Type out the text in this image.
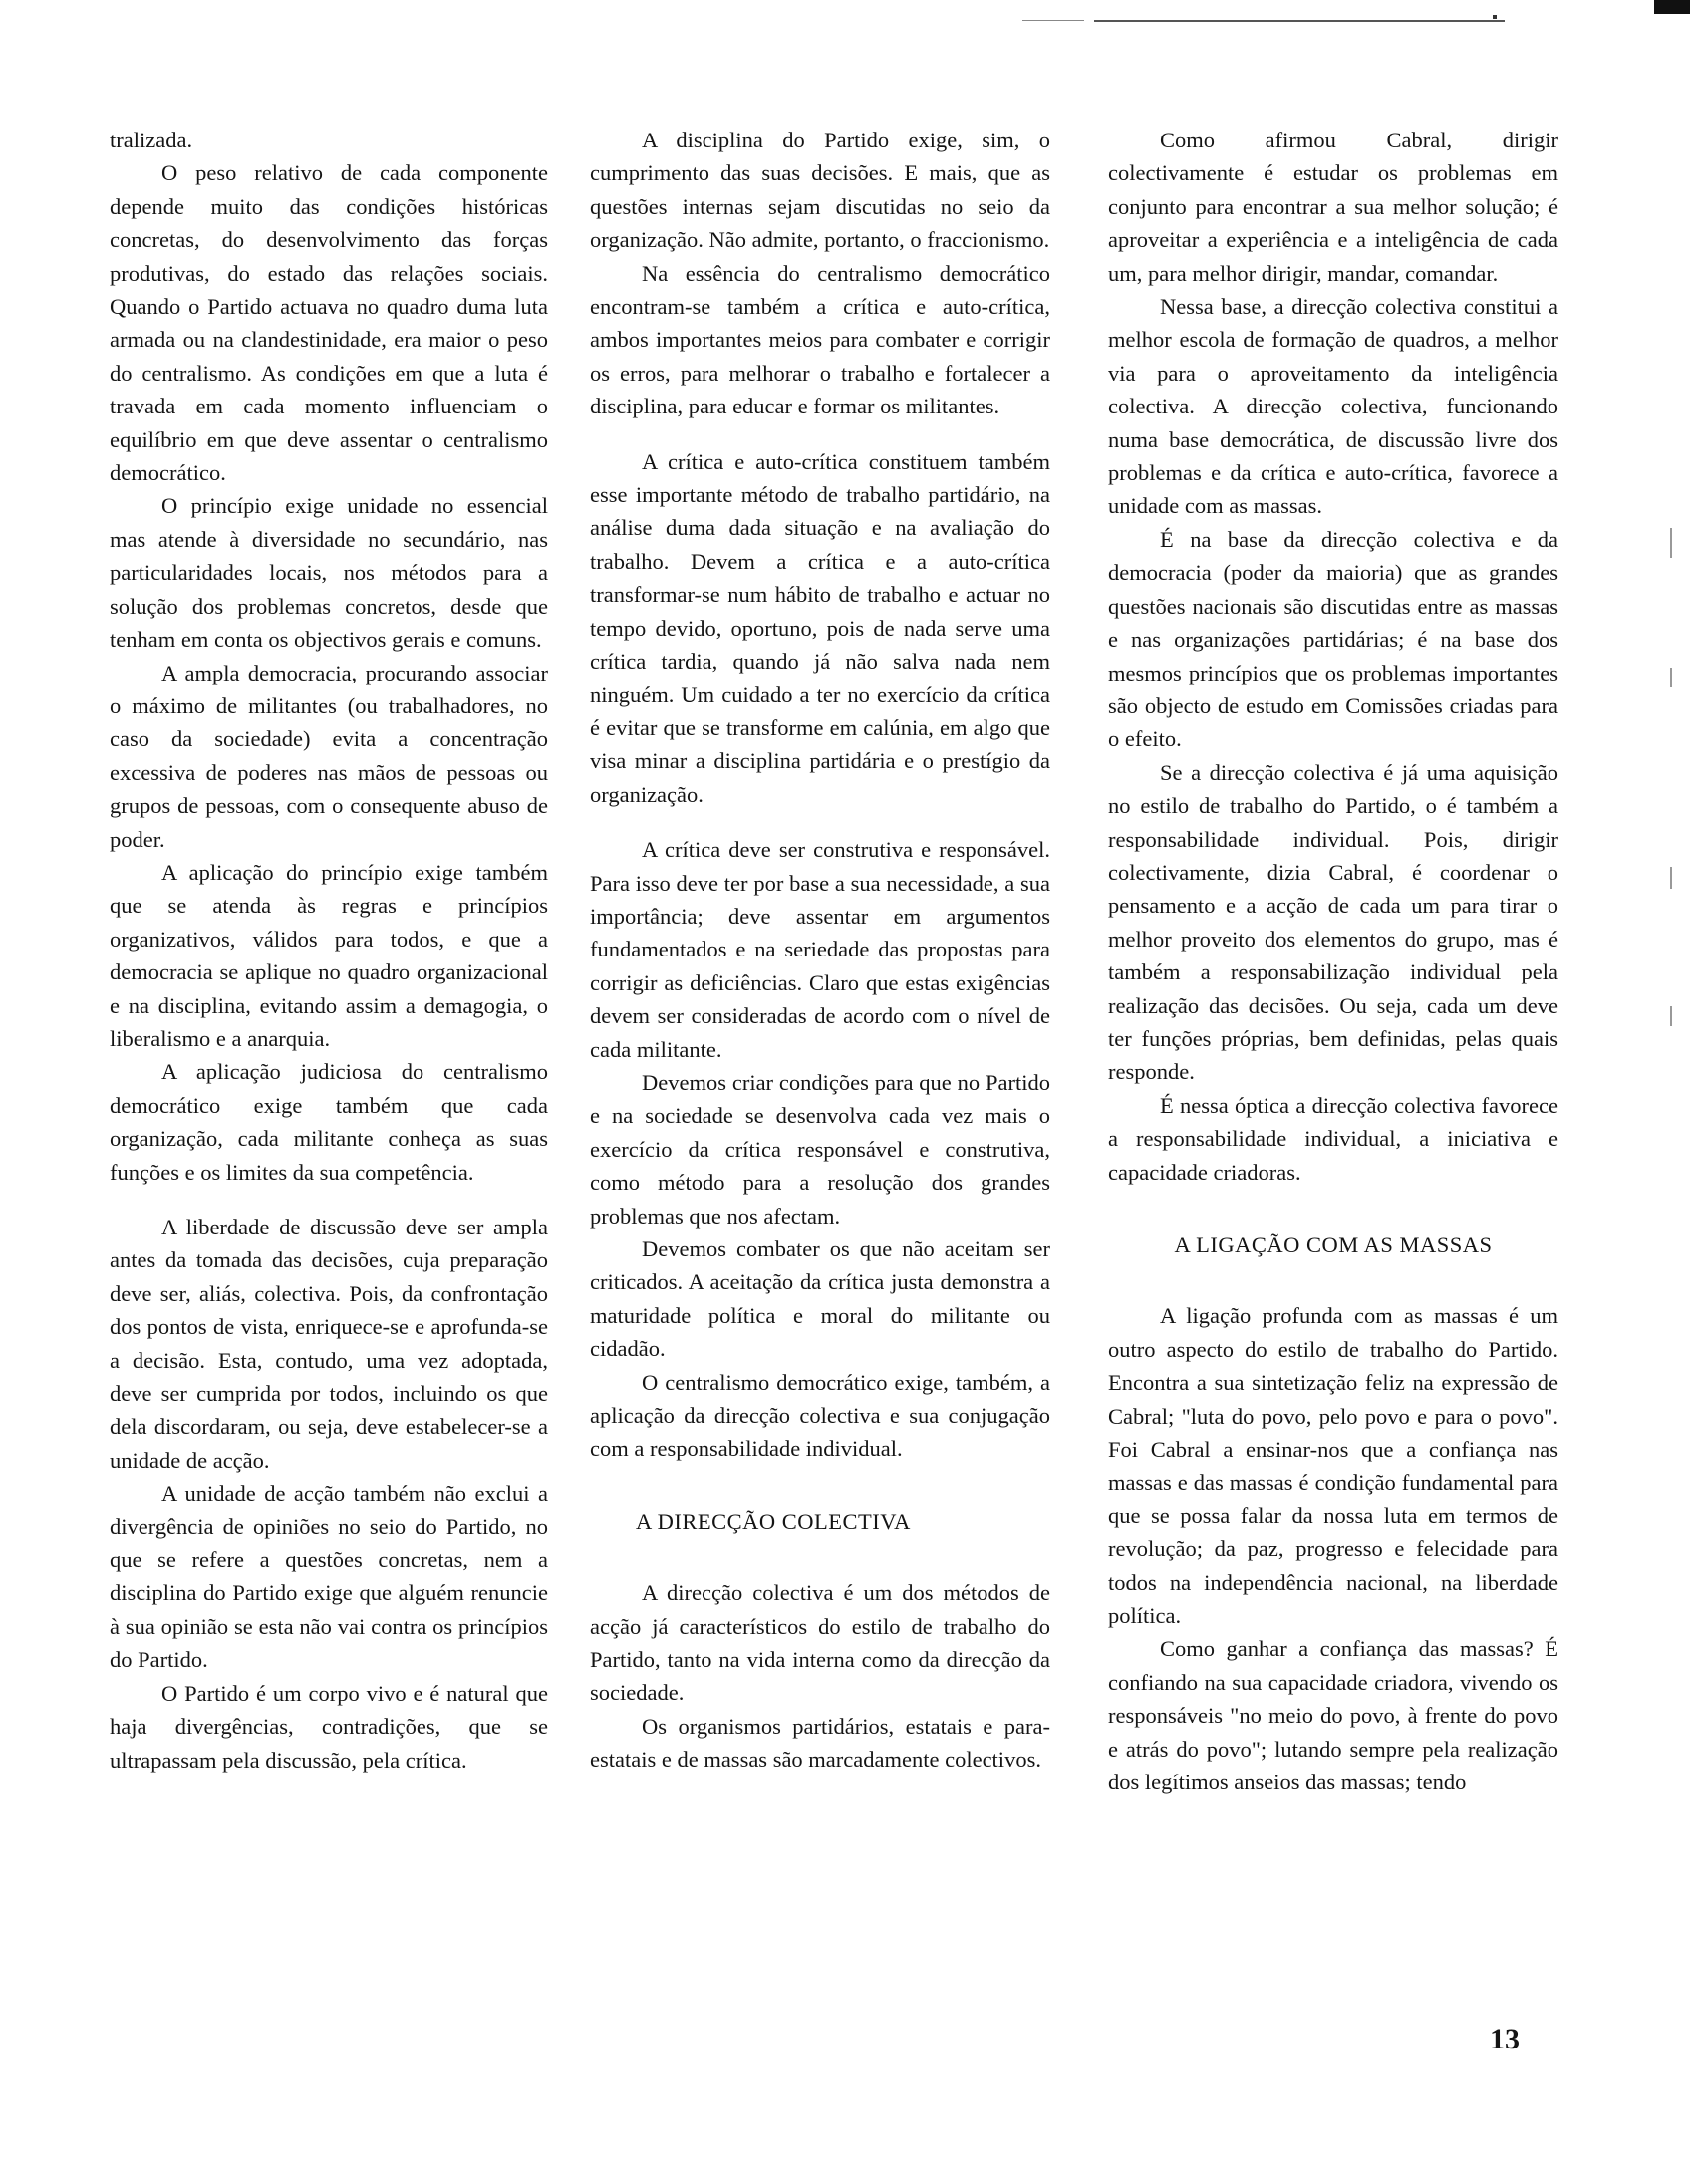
tralizada.

O peso relativo de cada componente depende muito das condições históricas concretas, do desenvolvimento das forças produtivas, do estado das relações sociais. Quando o Partido actuava no quadro duma luta armada ou na clandestinidade, era maior o peso do centralismo. As condições em que a luta é travada em cada momento influenciam o equilíbrio em que deve assentar o centralismo democrático.

O princípio exige unidade no essencial mas atende à diversidade no secundário, nas particularidades locais, nos métodos para a solução dos problemas concretos, desde que tenham em conta os objectivos gerais e comuns.

A ampla democracia, procurando associar o máximo de militantes (ou trabalhadores, no caso da sociedade) evita a concentração excessiva de poderes nas mãos de pessoas ou grupos de pessoas, com o consequente abuso de poder.

A aplicação do princípio exige também que se atenda às regras e princípios organizativos, válidos para todos, e que a democracia se aplique no quadro organizacional e na disciplina, evitando assim a demagogia, o liberalismo e a anarquia.

A aplicação judiciosa do centralismo democrático exige também que cada organização, cada militante conheça as suas funções e os limites da sua competência.

A liberdade de discussão deve ser ampla antes da tomada das decisões, cuja preparação deve ser, aliás, colectiva. Pois, da confrontação dos pontos de vista, enriquece-se e aprofunda-se a decisão. Esta, contudo, uma vez adoptada, deve ser cumprida por todos, incluindo os que dela discordaram, ou seja, deve estabelecer-se a unidade de acção.

A unidade de acção também não exclui a divergência de opiniões no seio do Partido, no que se refere a questões concretas, nem a disciplina do Partido exige que alguém renuncie à sua opinião se esta não vai contra os princípios do Partido.

O Partido é um corpo vivo e é natural que haja divergências, contradições, que se ultrapassam pela discussão, pela crítica.

A disciplina do Partido exige, sim, o cumprimento das suas decisões. E mais, que as questões internas sejam discutidas no seio da organização. Não admite, portanto, o fraccionismo.

Na essência do centralismo democrático encontram-se também a crítica e auto-crítica, ambos importantes meios para combater e corrigir os erros, para melhorar o trabalho e fortalecer a disciplina, para educar e formar os militantes.

A crítica e auto-crítica constituem também esse importante método de trabalho partidário, na análise duma dada situação e na avaliação do trabalho. Devem a crítica e a auto-crítica transformar-se num hábito de trabalho e actuar no tempo devido, oportuno, pois de nada serve uma crítica tardia, quando já não salva nada nem ninguém. Um cuidado a ter no exercício da crítica é evitar que se transforme em calúnia, em algo que visa minar a disciplina partidária e o prestígio da organização.

A crítica deve ser construtiva e responsável. Para isso deve ter por base a sua necessidade, a sua importância; deve assentar em argumentos fundamentados e na seriedade das propostas para corrigir as deficiências. Claro que estas exigências devem ser consideradas de acordo com o nível de cada militante.

Devemos criar condições para que no Partido e na sociedade se desenvolva cada vez mais o exercício da crítica responsável e construtiva, como método para a resolução dos grandes problemas que nos afectam.

Devemos combater os que não aceitam ser criticados. A aceitação da crítica justa demonstra a maturidade política e moral do militante ou cidadão.

O centralismo democrático exige, também, a aplicação da direcção colectiva e sua conjugação com a responsabilidade individual.

A DIRECÇÃO COLECTIVA

A direcção colectiva é um dos métodos de acção já característicos do estilo de trabalho do Partido, tanto na vida interna como da direcção da sociedade.

Os organismos partidários, estatais e para-estatais e de massas são marcadamente colectivos.

Como afirmou Cabral, dirigir colectivamente é estudar os problemas em conjunto para encontrar a sua melhor solução; é aproveitar a experiência e a inteligência de cada um, para melhor dirigir, mandar, comandar.

Nessa base, a direcção colectiva constitui a melhor escola de formação de quadros, a melhor via para o aproveitamento da inteligência colectiva. A direcção colectiva, funcionando numa base democrática, de discussão livre dos problemas e da crítica e auto-crítica, favorece a unidade com as massas.

É na base da direcção colectiva e da democracia (poder da maioria) que as grandes questões nacionais são discutidas entre as massas e nas organizações partidárias; é na base dos mesmos princípios que os problemas importantes são objecto de estudo em Comissões criadas para o efeito.

Se a direcção colectiva é já uma aquisição no estilo de trabalho do Partido, o é também a responsabilidade individual. Pois, dirigir colectivamente, dizia Cabral, é coordenar o pensamento e a acção de cada um para tirar o melhor proveito dos elementos do grupo, mas é também a responsabilização individual pela realização das decisões. Ou seja, cada um deve ter funções próprias, bem definidas, pelas quais responde.

É nessa óptica a direcção colectiva favorece a responsabilidade individual, a iniciativa e capacidade criadoras.

A LIGAÇÃO COM AS MASSAS

A ligação profunda com as massas é um outro aspecto do estilo de trabalho do Partido. Encontra a sua sintetização feliz na expressão de Cabral; "luta do povo, pelo povo e para o povo". Foi Cabral a ensinar-nos que a confiança nas massas e das massas é condição fundamental para que se possa falar da nossa luta em termos de revolução; da paz, progresso e felecidade para todos na independência nacional, na liberdade política.

Como ganhar a confiança das massas? É confiando na sua capacidade criadora, vivendo os responsáveis "no meio do povo, à frente do povo e atrás do povo"; lutando sempre pela realização dos legítimos anseios das massas; tendo

13
